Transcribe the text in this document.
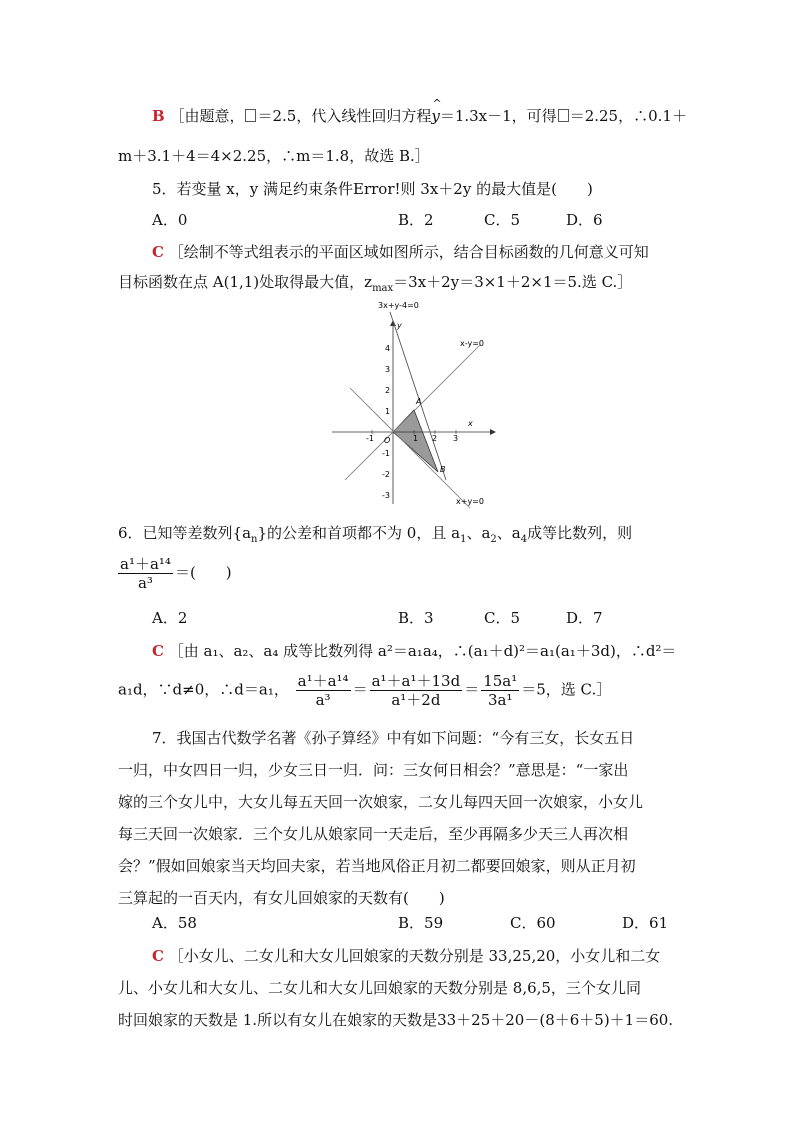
B ［由题意， ＝2.5，代入线性回归方程^ y＝1.3x－1，可得 ＝2.25，∴0.1＋
m＋3.1＋4＝4×2.25，∴m＝1.8，故选 B.］
5．若变量 x，y 满足约束条件Error!则 3x＋2y 的最大值是(　　)
A．0	B．2	C．5	D．6
C ［绘制不等式组表示的平面区域如图所示，结合目标函数的几何意义可知
目标函数在点 A(1,1)处取得最大值，$z_{max}=3x+2y=3\times 1+2\times 1=5$.选 C.］
-1	1 2 3
4
3
2
1
-1
-2
-3
3x+y-4=0
x-y=0
x+y=0
y
x
A
B
O
6．已知等差数列$\{a_n\}$的公差和首项都不为 0，且 $a_1$、$a_2$、$a_4$成等比数列，则
$\frac{\text{a¹＋a¹⁴}}{\text{a³}}$ ＝(　　)
A．2	B．3	C．5	D．7
C ［由 a₁、a₂、a₄ 成等比数列得 a²＝a₁a₄，∴(a₁＋d)²＝a₁(a₁＋3d)，∴d²＝
a₁d，∵d≠0，∴d＝a₁， $\frac{\text{a¹＋a¹⁴}}{\text{a³}} = \frac{\text{a¹＋a¹＋13d}}{\text{a¹＋2d}} = \frac{\text{15a¹}}{\text{3a¹}} =5$，选 C.］
7．我国古代数学名著《孙子算经》中有如下问题：“今有三女，长女五日
一归，中女四日一归，少女三日一归．问：三女何日相会？”意思是：“一家出
嫁的三个女儿中，大女儿每五天回一次娘家，二女儿每四天回一次娘家，小女儿
每三天回一次娘家．三个女儿从娘家同一天走后，至少再隔多少天三人再次相
会？”假如回娘家当天均回夫家，若当地风俗正月初二都要回娘家，则从正月初
三算起的一百天内，有女儿回娘家的天数有(　　)
A．58	B．59	C．60	D．61
C ［小女儿、二女儿和大女儿回娘家的天数分别是 33,25,20，小女儿和二女
儿、小女儿和大女儿、二女儿和大女儿回娘家的天数分别是 8,6,5，三个女儿同
时回娘家的天数是 1.所以有女儿在娘家的天数是33＋25＋20－(8＋6＋5)＋1＝60.
